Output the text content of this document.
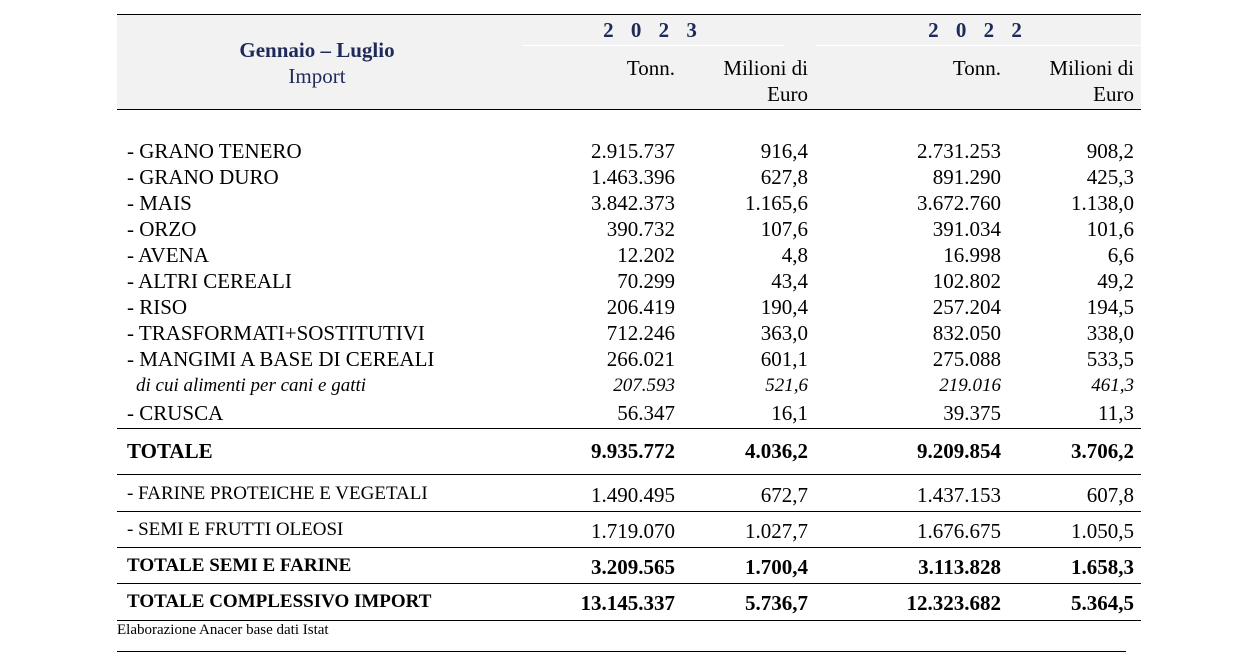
Gennaio – Luglio
Import
2 0 2 3	2 0 2 2
Tonn. Milioni di
Euro
Tonn. Milioni di
Euro
- GRANO TENERO	2.915.737	916,4	2.731.253	908,2
- GRANO DURO	1.463.396	627,8	891.290	425,3
- MAIS	3.842.373	1.165,6	3.672.760	1.138,0
- ORZO	390.732	107,6	391.034	101,6
- AVENA	12.202	4,8	16.998	6,6
- ALTRI CEREALI	70.299	43,4	102.802	49,2
- RISO	206.419	190,4	257.204	194,5
- TRASFORMATI+SOSTITUTIVI	712.246	363,0	832.050	338,0
- MANGIMI A BASE DI CEREALI	266.021	601,1	275.088	533,5
di cui alimenti per cani e gatti	207.593	521,6	219.016	461,3
- CRUSCA	56.347	16,1	39.375	11,3
TOTALE	9.935.772	4.036,2	9.209.854	3.706,2
- FARINE PROTEICHE E VEGETALI	1.490.495	672,7	1.437.153	607,8
- SEMI E FRUTTI OLEOSI	1.719.070	1.027,7	1.676.675	1.050,5
TOTALE SEMI E FARINE	3.209.565	1.700,4	3.113.828	1.658,3
TOTALE COMPLESSIVO IMPORT	13.145.337	5.736,7	12.323.682	5.364,5
Elaborazione Anacer base dati Istat
